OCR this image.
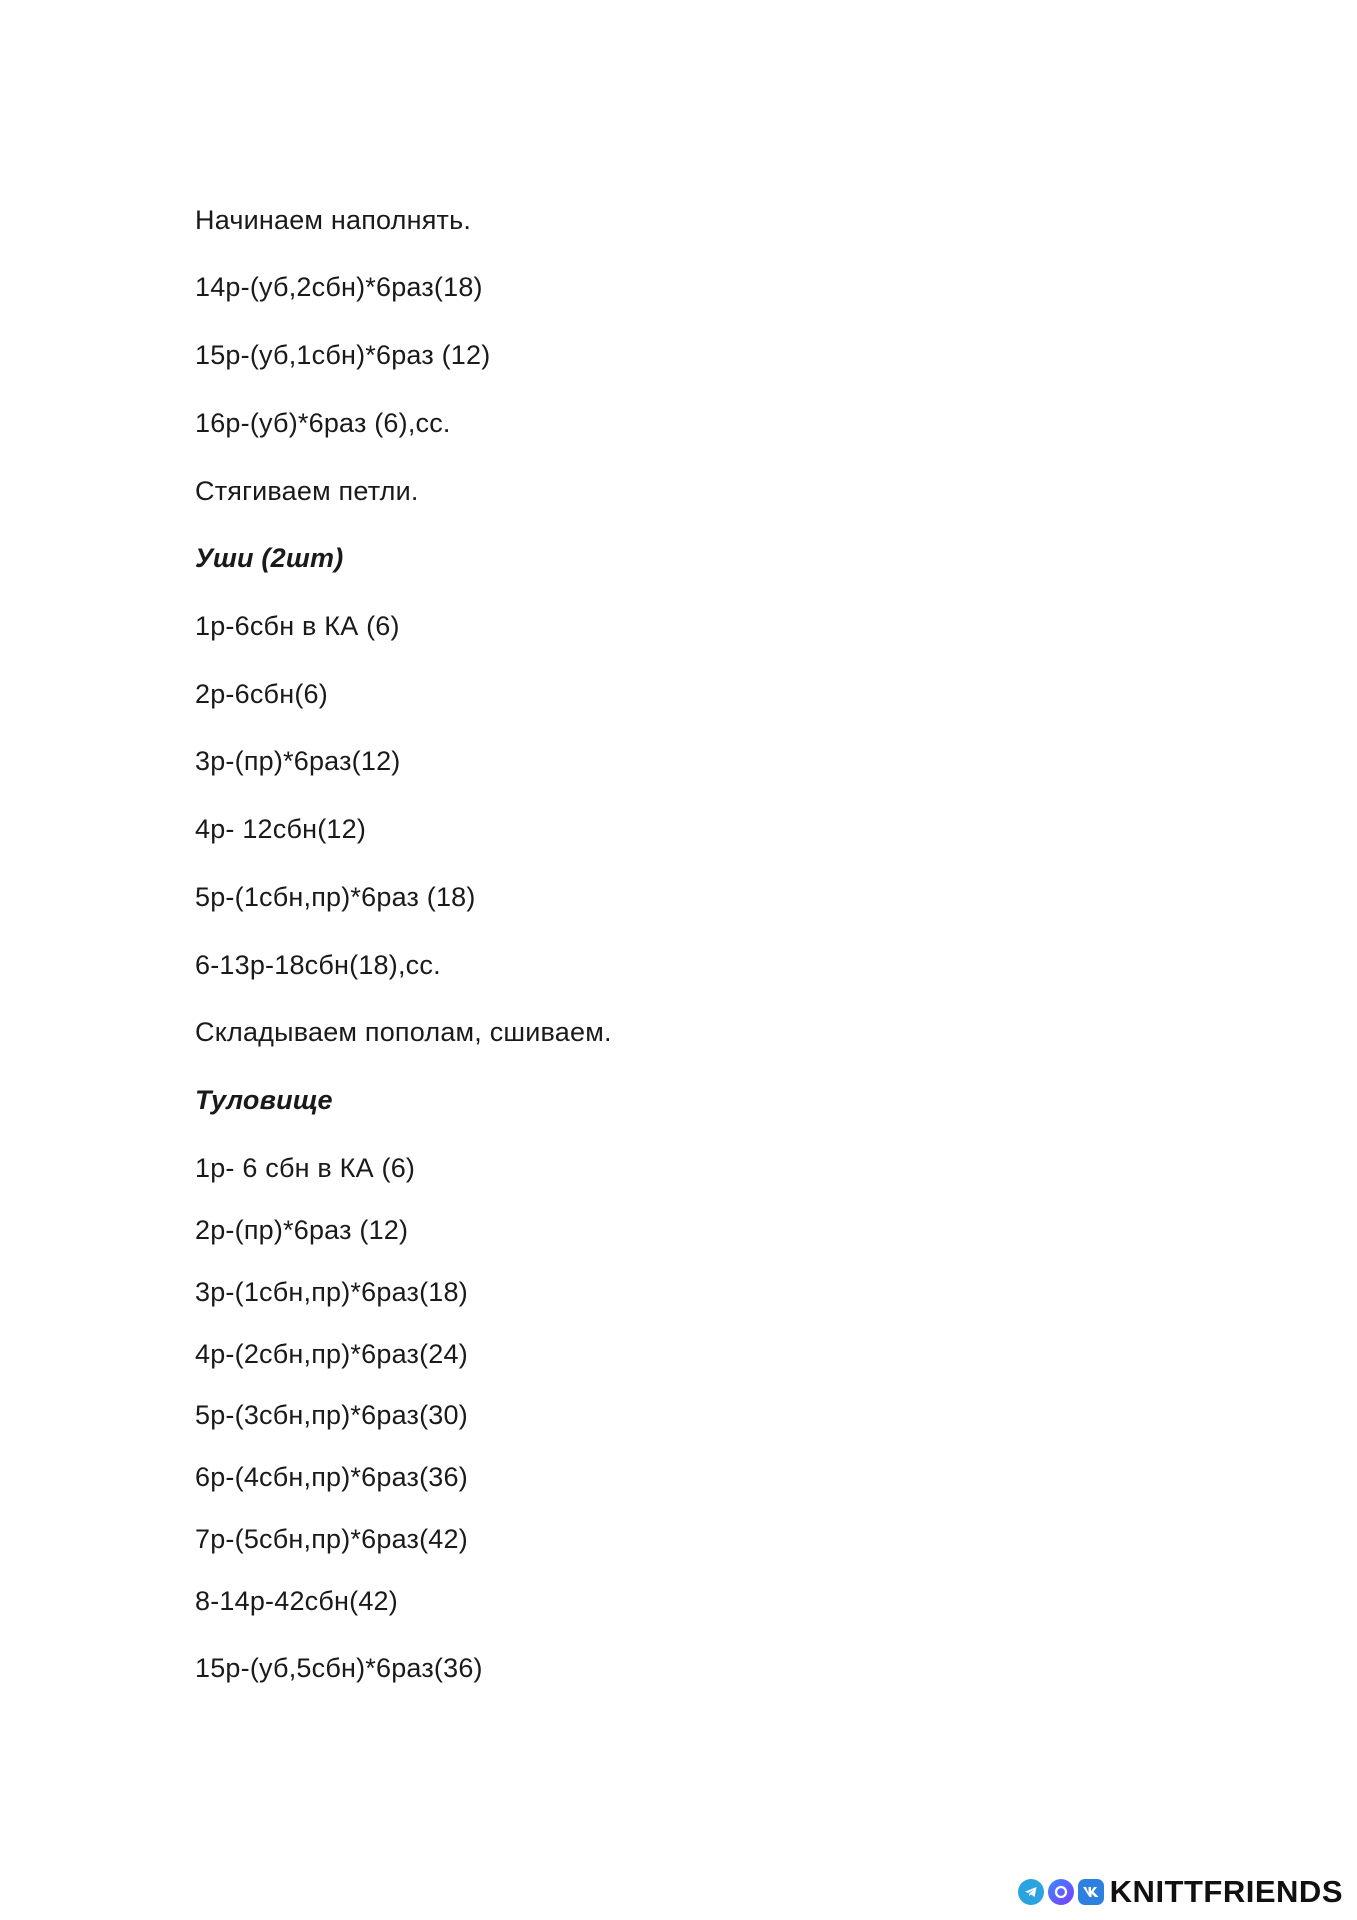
Начинаем наполнять.
14р-(уб,2сбн)*6раз(18)
15р-(уб,1сбн)*6раз (12)
16р-(уб)*6раз (6),сс.
Стягиваем петли.
Уши (2шт)
1р-6сбн в КА (6)
2р-6сбн(6)
3р-(пр)*6раз(12)
4р- 12сбн(12)
5р-(1сбн,пр)*6раз (18)
6-13р-18сбн(18),сс.
Складываем пополам, сшиваем.
Туловище
1р- 6 сбн в КА (6)
2р-(пр)*6раз (12)
3р-(1сбн,пр)*6раз(18)
4р-(2сбн,пр)*6раз(24)
5р-(3сбн,пр)*6раз(30)
6р-(4сбн,пр)*6раз(36)
7р-(5сбн,пр)*6раз(42)
8-14р-42сбн(42)
15р-(уб,5сбн)*6раз(36)
KNITTFRIENDS
